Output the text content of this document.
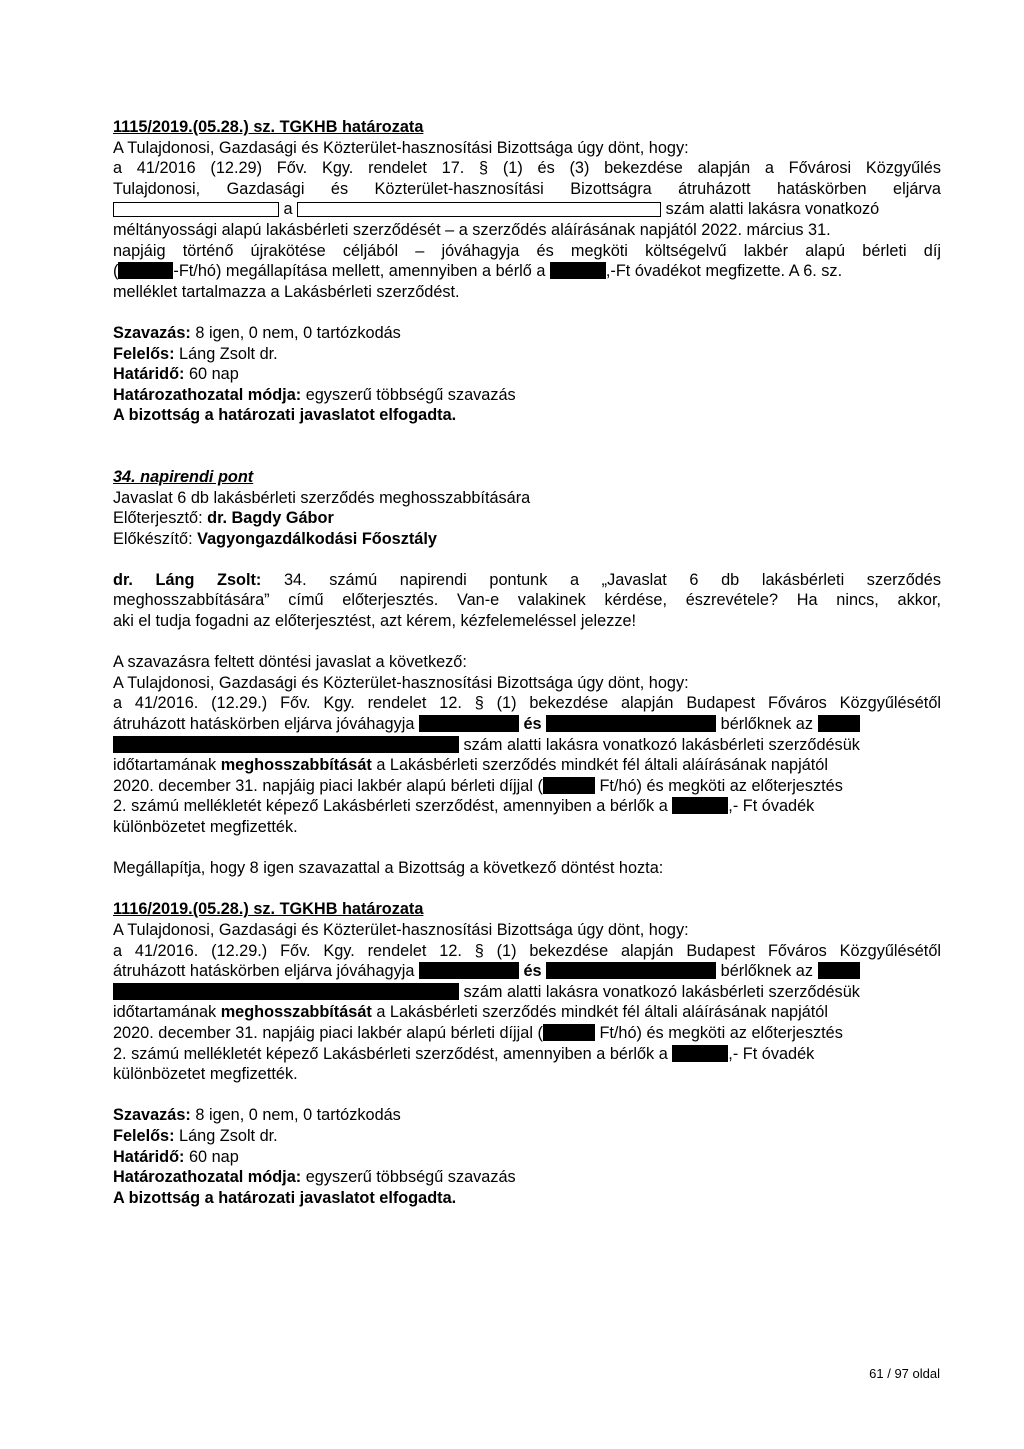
1115/2019.(05.28.) sz. TGKHB határozata
A Tulajdonosi, Gazdasági és Közterület-hasznosítási Bizottsága úgy dönt, hogy:
a 41/2016 (12.29) Főv. Kgy. rendelet 17. § (1) és (3) bekezdése alapján a Fővárosi Közgyűlés
Tulajdonosi, Gazdasági és Közterület-hasznosítási Bizottságra átruházott hatáskörben eljárva
a	szám alatti lakásra vonatkozó
méltányossági alapú lakásbérleti szerződését – a szerződés aláírásának napjától 2022. március 31.
napjáig történő újrakötése céljából – jóváhagyja és megköti költségelvű lakbér alapú bérleti díj
(	-Ft/hó) megállapítása mellett, amennyiben a bérlő a	,-Ft óvadékot megfizette. A 6. sz.
melléklet tartalmazza a Lakásbérleti szerződést.
Szavazás: 8 igen, 0 nem, 0 tartózkodás
Felelős: Láng Zsolt dr.
Határidő: 60 nap
Határozathozatal módja: egyszerű többségű szavazás
A bizottság a határozati javaslatot elfogadta.
34. napirendi pont
Javaslat 6 db lakásbérleti szerződés meghosszabbítására
Előterjesztő: dr. Bagdy Gábor
Előkészítő: Vagyongazdálkodási Főosztály
dr. Láng Zsolt: 34. számú napirendi pontunk a „Javaslat 6 db lakásbérleti szerződés
meghosszabbítására” című előterjesztés. Van-e valakinek kérdése, észrevétele? Ha nincs, akkor,
aki el tudja fogadni az előterjesztést, azt kérem, kézfelemeléssel jelezze!
A szavazásra feltett döntési javaslat a következő:
A Tulajdonosi, Gazdasági és Közterület-hasznosítási Bizottsága úgy dönt, hogy:
a 41/2016. (12.29.) Főv. Kgy. rendelet 12. § (1) bekezdése alapján Budapest Főváros Közgyűlésétől
átruházott hatáskörben eljárva jóváhagyja	és	bérlőknek az
szám alatti lakásra vonatkozó lakásbérleti szerződésük
időtartamának meghosszabbítását a Lakásbérleti szerződés mindkét fél általi aláírásának napjától
2020. december 31. napjáig piaci lakbér alapú bérleti díjjal (	Ft/hó) és megköti az előterjesztés
2. számú mellékletét képező Lakásbérleti szerződést, amennyiben a bérlők a	,- Ft óvadék
különbözetet megfizették.
Megállapítja, hogy 8 igen szavazattal a Bizottság a következő döntést hozta:
1116/2019.(05.28.) sz. TGKHB határozata
A Tulajdonosi, Gazdasági és Közterület-hasznosítási Bizottsága úgy dönt, hogy:
a 41/2016. (12.29.) Főv. Kgy. rendelet 12. § (1) bekezdése alapján Budapest Főváros Közgyűlésétől
átruházott hatáskörben eljárva jóváhagyja	és	bérlőknek az
szám alatti lakásra vonatkozó lakásbérleti szerződésük
időtartamának meghosszabbítását a Lakásbérleti szerződés mindkét fél általi aláírásának napjától
2020. december 31. napjáig piaci lakbér alapú bérleti díjjal (	Ft/hó) és megköti az előterjesztés
2. számú mellékletét képező Lakásbérleti szerződést, amennyiben a bérlők a	,- Ft óvadék
különbözetet megfizették.
Szavazás: 8 igen, 0 nem, 0 tartózkodás
Felelős: Láng Zsolt dr.
Határidő: 60 nap
Határozathozatal módja: egyszerű többségű szavazás
A bizottság a határozati javaslatot elfogadta.
61 / 97 oldal
